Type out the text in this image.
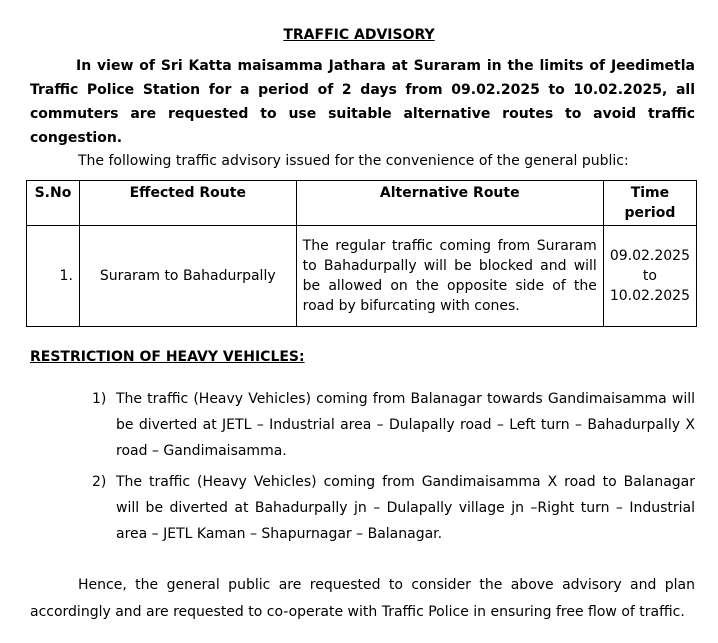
TRAFFIC ADVISORY

In view of Sri Katta maisamma Jathara at Suraram in the limits of Jeedimetla Traffic Police Station for a period of 2 days from 09.02.2025 to 10.02.2025, all commuters are requested to use suitable alternative routes to avoid traffic congestion.

The following traffic advisory issued for the convenience of the general public:
S.No	Effected Route	Alternative Route	Time period
1.	Suraram to Bahadurpally	The regular traffic coming from Suraram to Bahadurpally will be blocked and will be allowed on the opposite side of the road by bifurcating with cones.	09.02.2025
to
10.02.2025
RESTRICTION OF HEAVY VEHICLES:
1) The traffic (Heavy Vehicles) coming from Balanagar towards Gandimaisamma will be diverted at JETL – Industrial area – Dulapally road – Left turn – Bahadurpally X road – Gandimaisamma.
2) The traffic (Heavy Vehicles) coming from Gandimaisamma X road to Balanagar will be diverted at Bahadurpally jn – Dulapally village jn –Right turn – Industrial area – JETL Kaman – Shapurnagar – Balanagar.

Hence, the general public are requested to consider the above advisory and plan accordingly and are requested to co-operate with Traffic Police in ensuring free flow of traffic.
